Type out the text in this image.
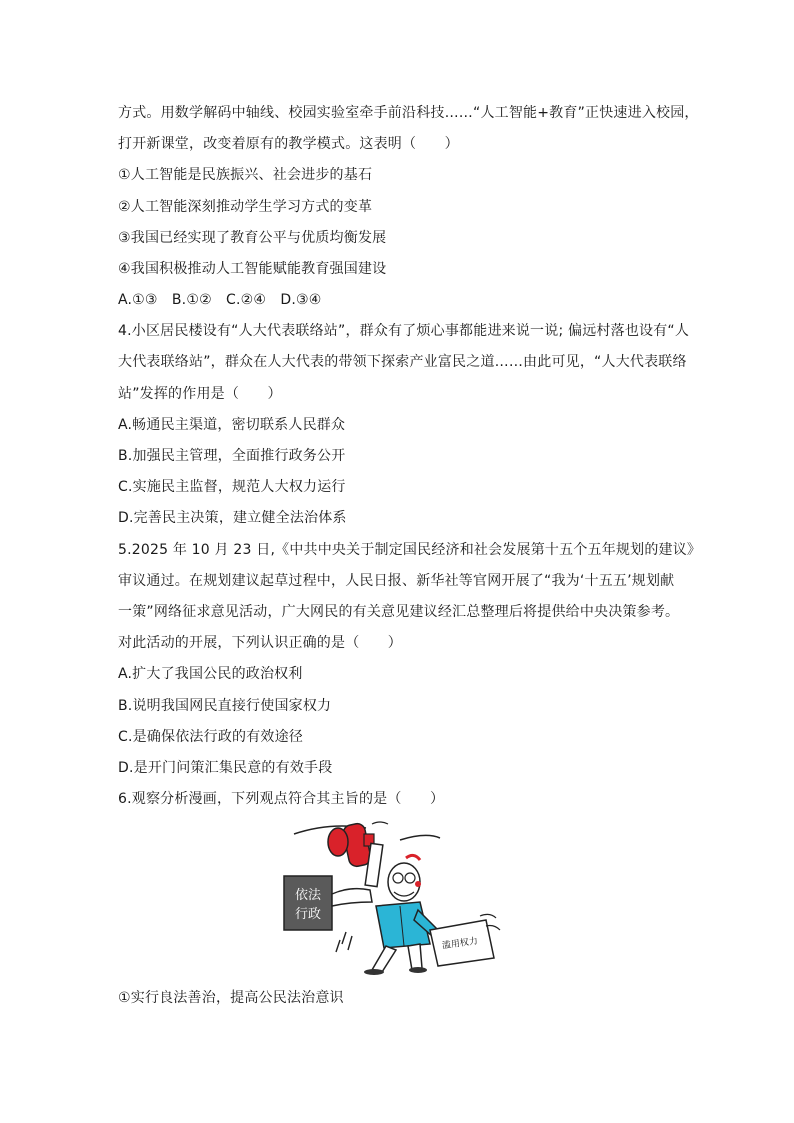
方式。用数学解码中轴线、校园实验室牵手前沿科技……“人工智能+教育”正快速进入校园，
打开新课堂，改变着原有的教学模式。这表明（　　）
①人工智能是民族振兴、社会进步的基石
②人工智能深刻推动学生学习方式的变革
③我国已经实现了教育公平与优质均衡发展
④我国积极推动人工智能赋能教育强国建设
A.①③　B.①②　C.②④　D.③④
4.小区居民楼设有“人大代表联络站”，群众有了烦心事都能进来说一说; 偏远村落也设有“人
大代表联络站”，群众在人大代表的带领下探索产业富民之道……由此可见，“人大代表联络
站”发挥的作用是（　　）
A.畅通民主渠道，密切联系人民群众
B.加强民主管理，全面推行政务公开
C.实施民主监督，规范人大权力运行
D.完善民主决策，建立健全法治体系
5.2025 年 10 月 23 日,《中共中央关于制定国民经济和社会发展第十五个五年规划的建议》
审议通过。在规划建议起草过程中，人民日报、新华社等官网开展了“我为‘十五五’规划献
一策”网络征求意见活动，广大网民的有关意见建议经汇总整理后将提供给中央决策参考。
对此活动的开展，下列认识正确的是（　　）
A.扩大了我国公民的政治权利
B.说明我国网民直接行使国家权力
C.是确保依法行政的有效途径
D.是开门问策汇集民意的有效手段
6.观察分析漫画，下列观点符合其主旨的是（　　）
依法
行政
滥用权力
①实行良法善治，提高公民法治意识
